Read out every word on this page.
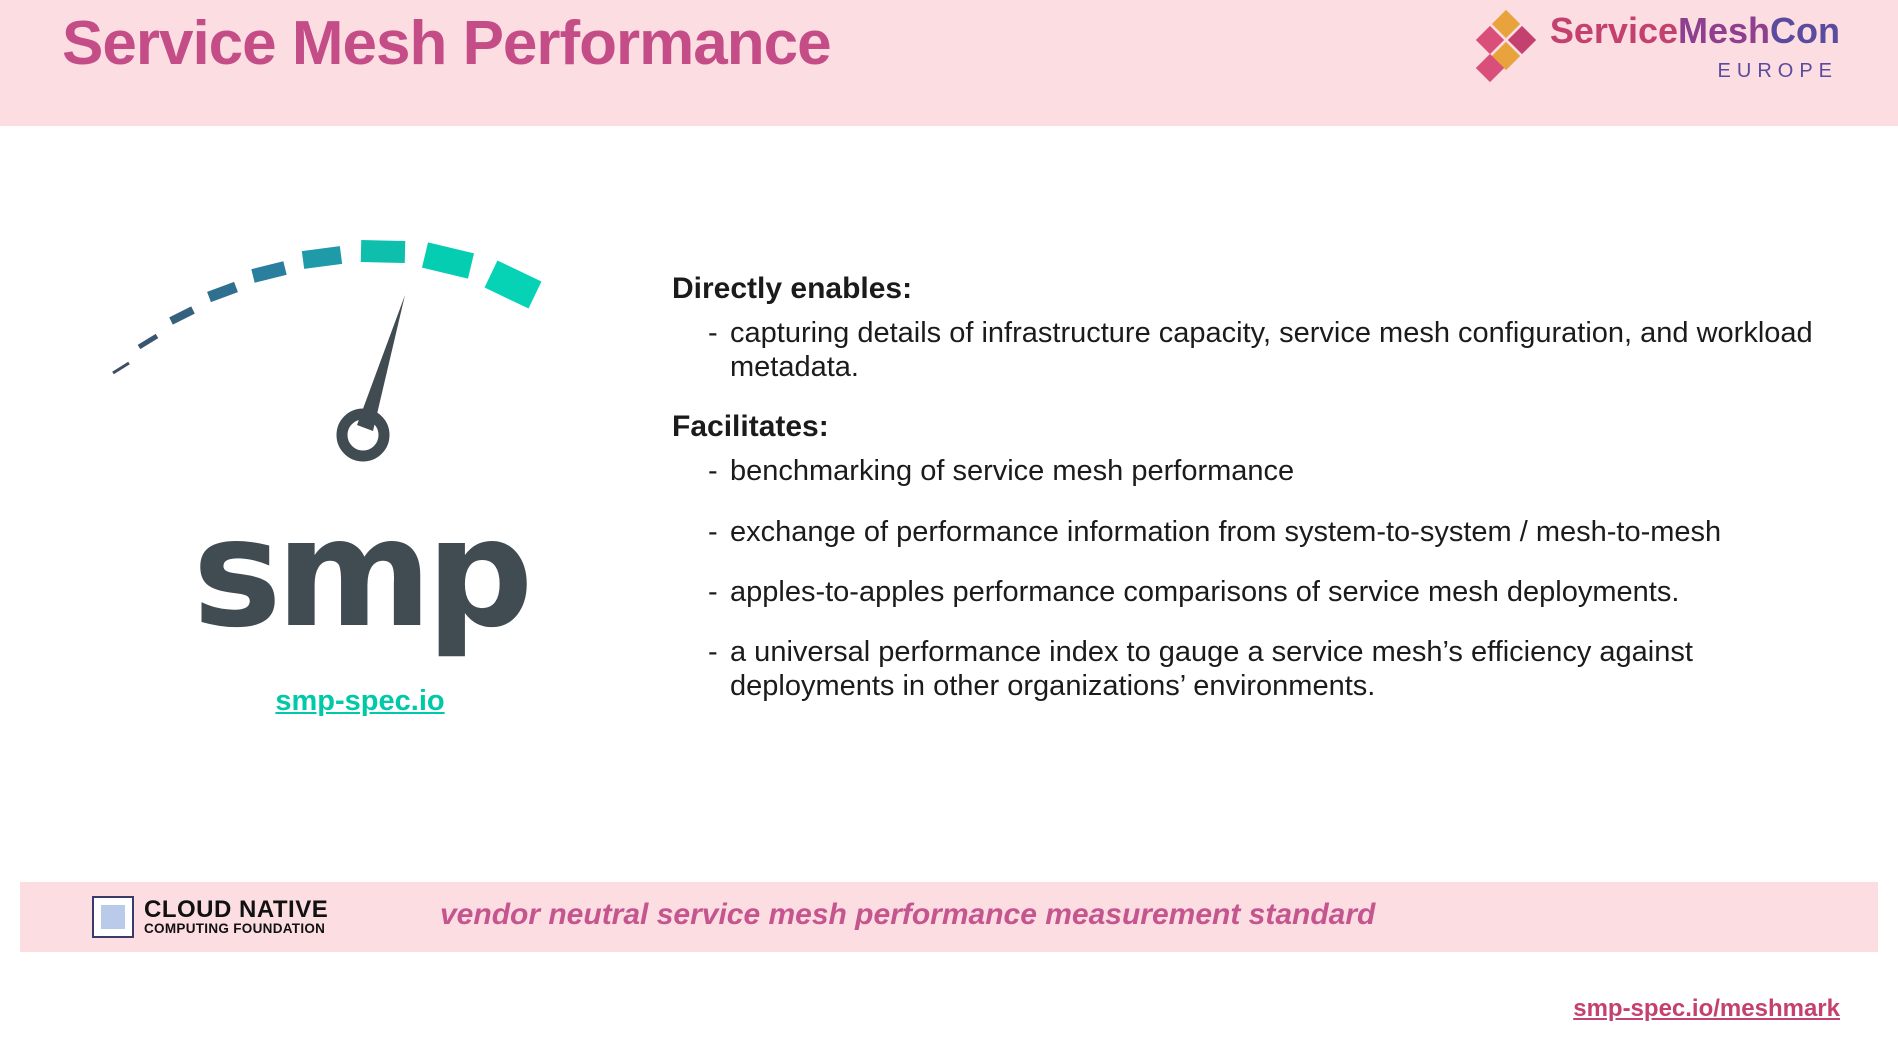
Service Mesh Performance	ServiceMeshCon
EUROPE
smp
smp-spec.io

Directly enables:

- capturing details of infrastructure capacity, service mesh configuration, and workload metadata.

Facilitates:

- benchmarking of service mesh performance
- exchange of performance information from system-to-system / mesh-to-mesh
- apples-to-apples performance comparisons of service mesh deployments.
- a universal performance index to gauge a service mesh’s efficiency against deployments in other organizations’ environments.
CLOUD NATIVE
COMPUTING FOUNDATION	vendor neutral service mesh performance measurement standard
smp-spec.io/meshmark
